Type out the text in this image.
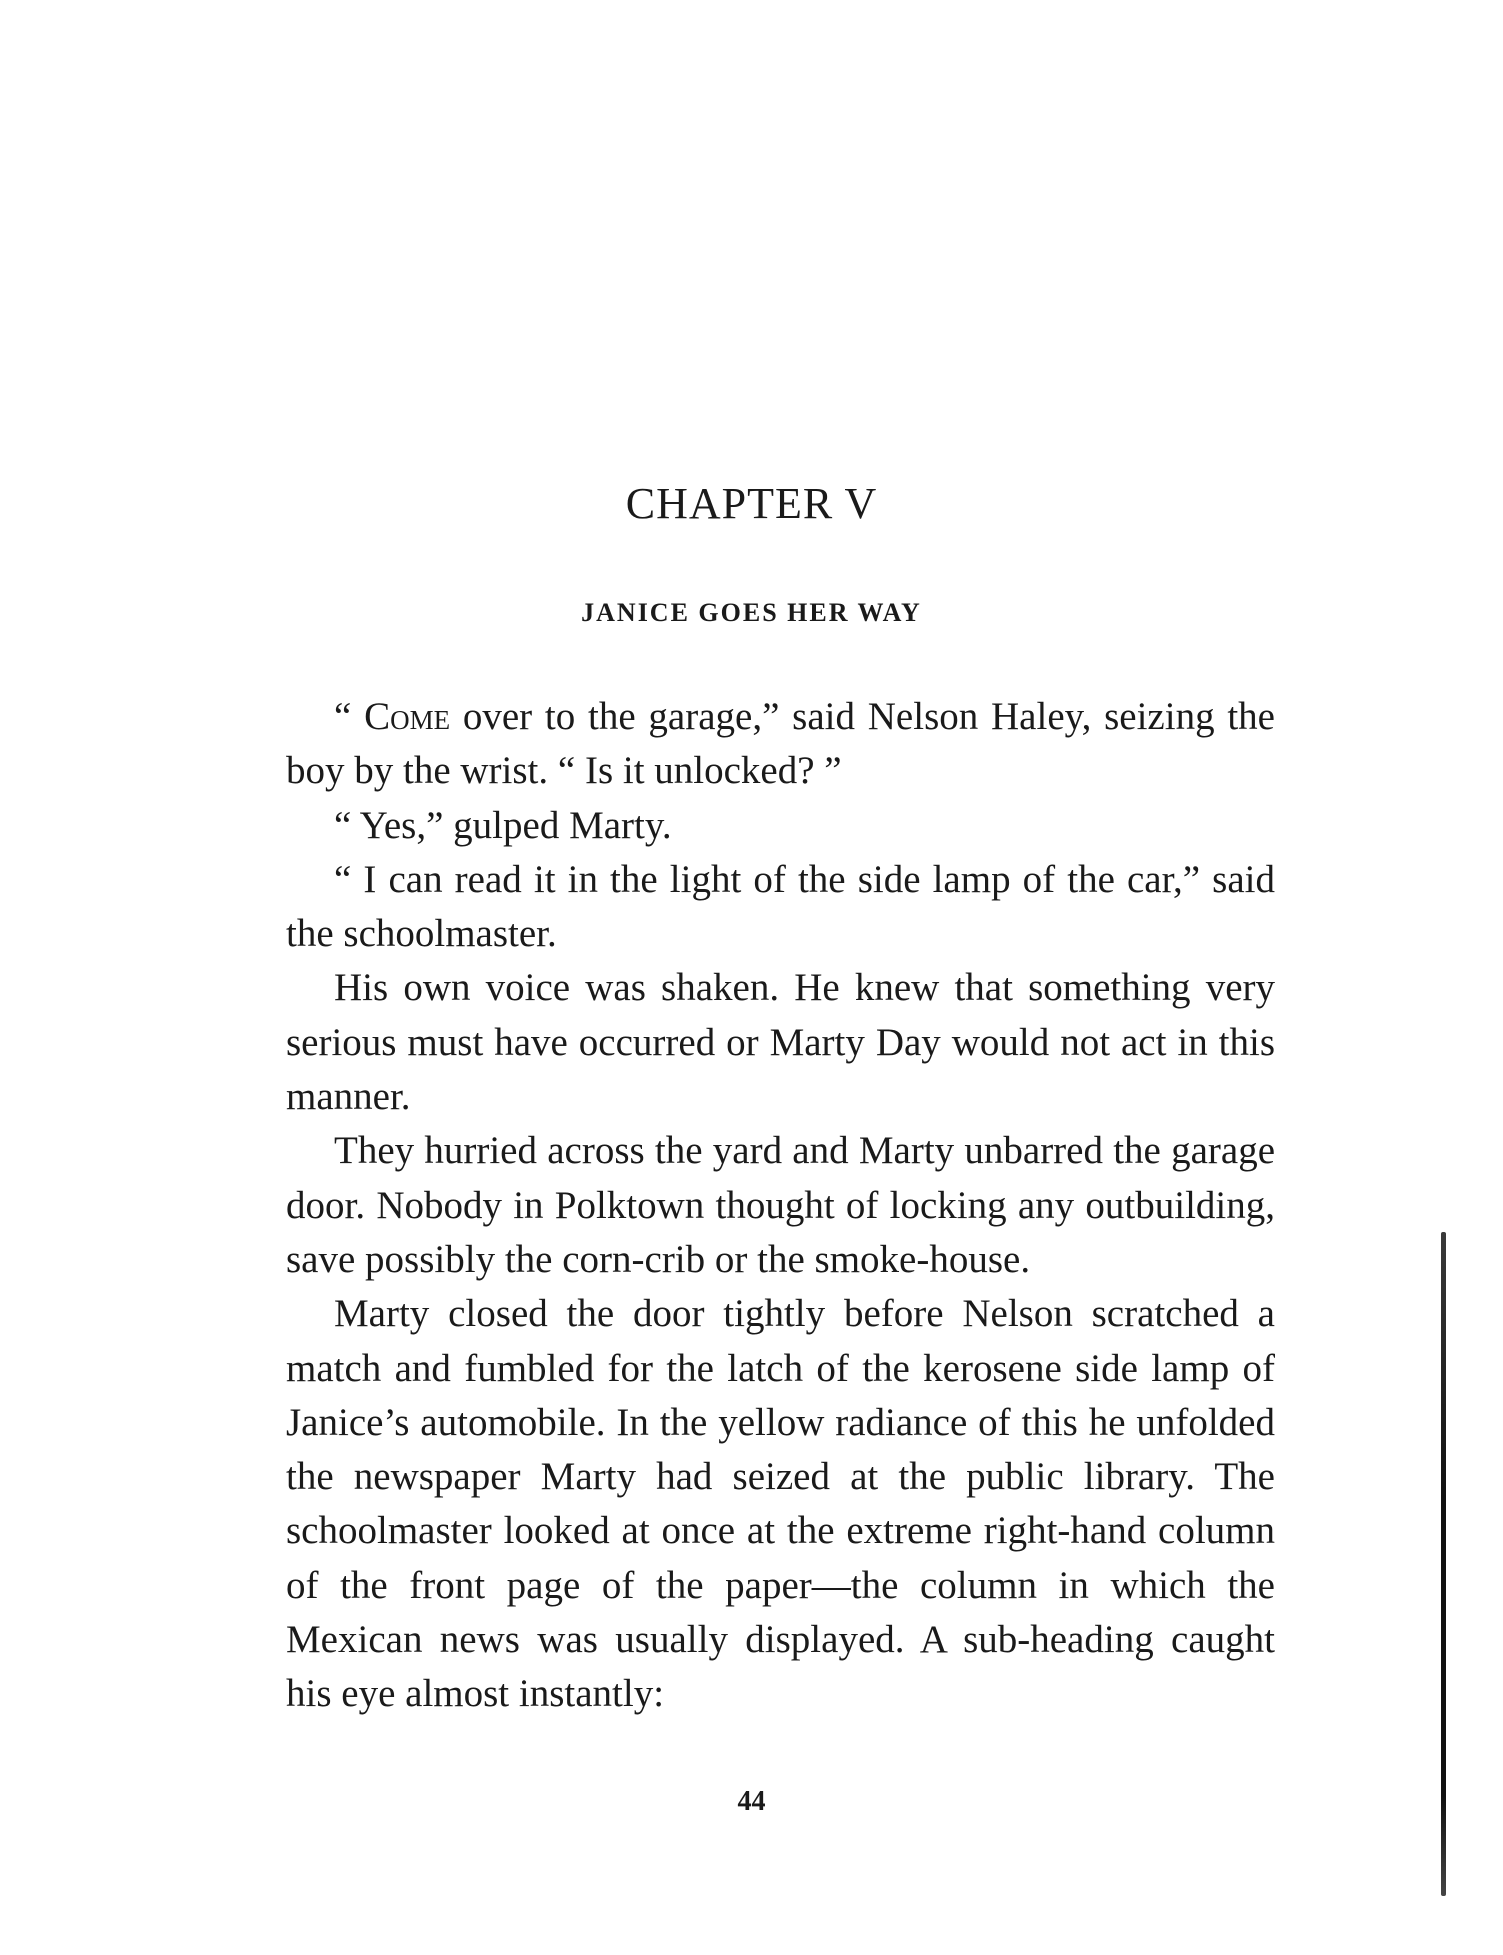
CHAPTER V
JANICE GOES HER WAY

“ Come over to the garage,” said Nelson Haley, seizing the boy by the wrist. “ Is it unlocked? ”

“ Yes,” gulped Marty.

“ I can read it in the light of the side lamp of the car,” said the schoolmaster.

His own voice was shaken. He knew that something very serious must have occurred or Marty Day would not act in this manner.

They hurried across the yard and Marty unbarred the garage door. Nobody in Polktown thought of locking any outbuilding, save possibly the corn-crib or the smoke-house.

Marty closed the door tightly before Nelson scratched a match and fumbled for the latch of the kerosene side lamp of Janice’s automobile. In the yellow radiance of this he unfolded the newspaper Marty had seized at the public library. The schoolmaster looked at once at the extreme right-hand column of the front page of the paper—the column in which the Mexican news was usually displayed. A sub-heading caught his eye almost instantly:

44
